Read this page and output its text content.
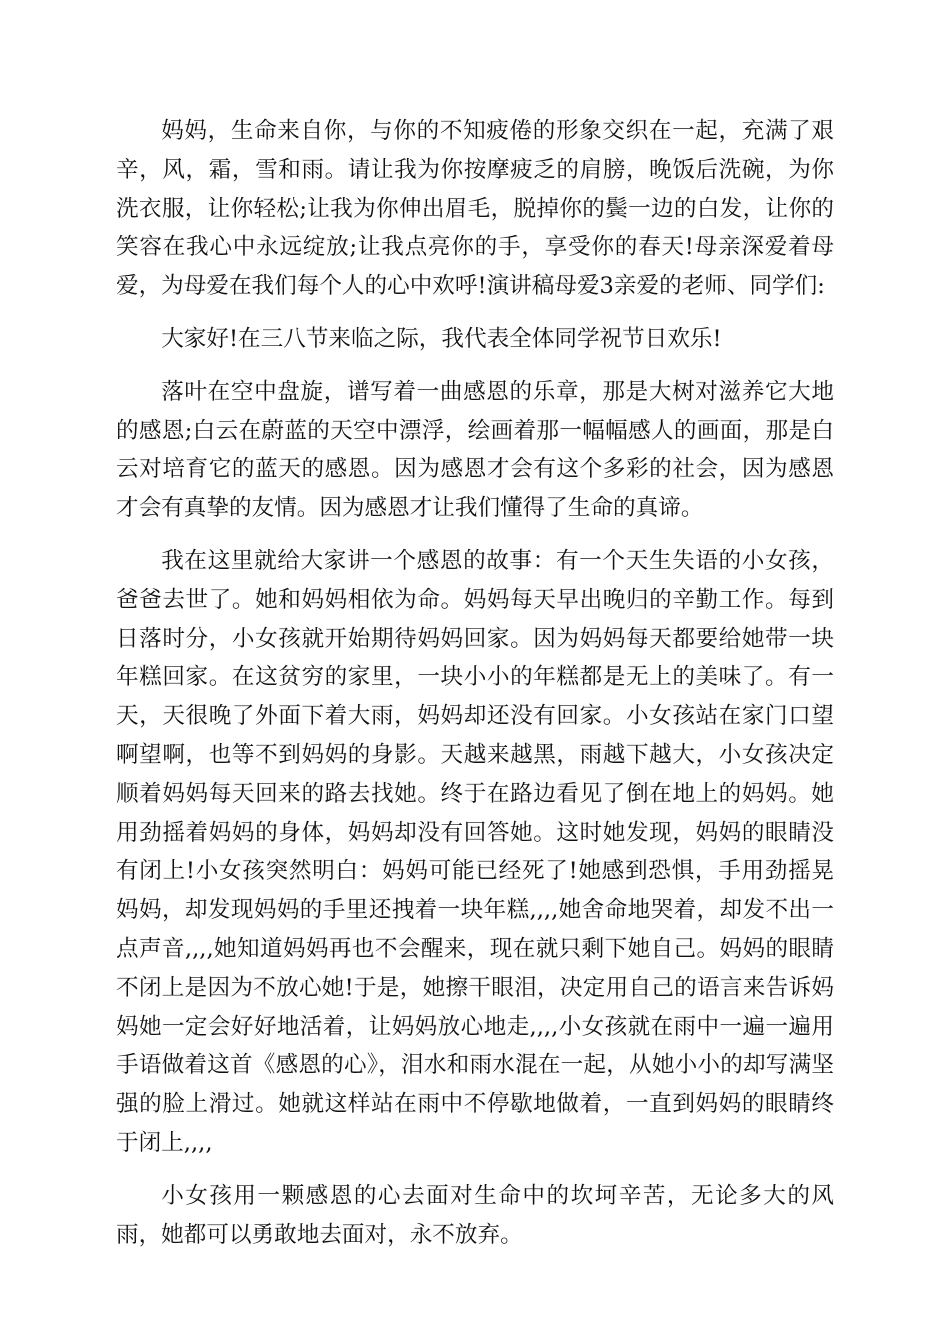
妈妈，生命来自你，与你的不知疲倦的形象交织在一起，充满了艰辛，风，霜，雪和雨。请让我为你按摩疲乏的肩膀，晚饭后洗碗，为你洗衣服，让你轻松;让我为你伸出眉毛，脱掉你的鬓一边的白发，让你的笑容在我心中永远绽放;让我点亮你的手，享受你的春天!母亲深爱着母爱，为母爱在我们每个人的心中欢呼!演讲稿母爱3亲爱的老师、同学们:

大家好!在三八节来临之际，我代表全体同学祝节日欢乐!

落叶在空中盘旋，谱写着一曲感恩的乐章，那是大树对滋养它大地的感恩;白云在蔚蓝的天空中漂浮，绘画着那一幅幅感人的画面，那是白云对培育它的蓝天的感恩。因为感恩才会有这个多彩的社会，因为感恩才会有真挚的友情。因为感恩才让我们懂得了生命的真谛。

我在这里就给大家讲一个感恩的故事：有一个天生失语的小女孩，爸爸去世了。她和妈妈相依为命。妈妈每天早出晚归的辛勤工作。每到日落时分，小女孩就开始期待妈妈回家。因为妈妈每天都要给她带一块年糕回家。在这贫穷的家里，一块小小的年糕都是无上的美味了。有一天，天很晚了外面下着大雨，妈妈却还没有回家。小女孩站在家门口望啊望啊，也等不到妈妈的身影。天越来越黑，雨越下越大，小女孩决定顺着妈妈每天回来的路去找她。终于在路边看见了倒在地上的妈妈。她用劲摇着妈妈的身体，妈妈却没有回答她。这时她发现，妈妈的眼睛没有闭上!小女孩突然明白：妈妈可能已经死了!她感到恐惧，手用劲摇晃妈妈，却发现妈妈的手里还拽着一块年糕,,,,她舍命地哭着，却发不出一点声音,,,,她知道妈妈再也不会醒来，现在就只剩下她自己。妈妈的眼睛不闭上是因为不放心她!于是，她擦干眼泪，决定用自己的语言来告诉妈妈她一定会好好地活着，让妈妈放心地走,,,,小女孩就在雨中一遍一遍用手语做着这首《感恩的心》，泪水和雨水混在一起，从她小小的却写满坚强的脸上滑过。她就这样站在雨中不停歇地做着，一直到妈妈的眼睛终于闭上,,,,

小女孩用一颗感恩的心去面对生命中的坎坷辛苦，无论多大的风雨，她都可以勇敢地去面对，永不放弃。
